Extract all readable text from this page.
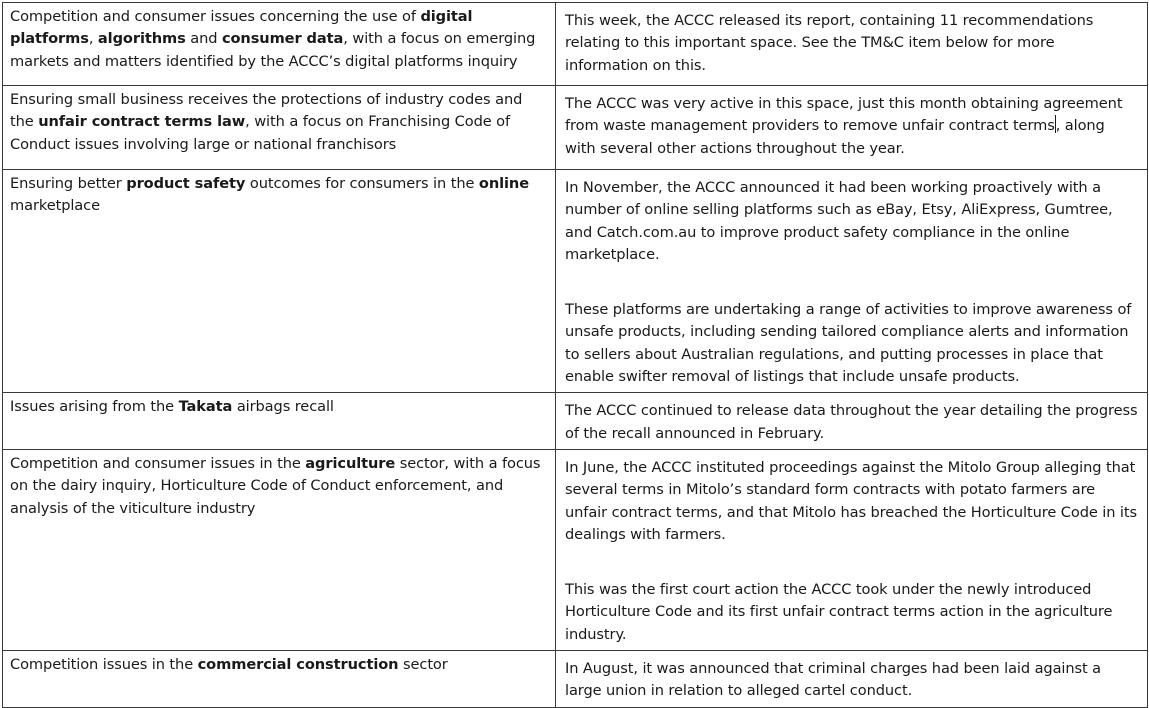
Competition and consumer issues concerning the use of digital platforms, algorithms and consumer data, with a focus on emerging markets and matters identified by the ACCC’s digital platforms inquiry	This week, the ACCC released its report, containing 11 recommendations relating to this important space. See the TM&C item below for more information on this.

Ensuring small business receives the protections of industry codes and the unfair contract terms law, with a focus on Franchising Code of Conduct issues involving large or national franchisors	The ACCC was very active in this space, just this month obtaining agreement from waste management providers to remove unfair contract terms, along with several other actions throughout the year.

Ensuring better product safety outcomes for consumers in the online marketplace	In November, the ACCC announced it had been working proactively with a number of online selling platforms such as eBay, Etsy, AliExpress, Gumtree, and Catch.com.au to improve product safety compliance in the online marketplace.

These platforms are undertaking a range of activities to improve awareness of unsafe products, including sending tailored compliance alerts and information to sellers about Australian regulations, and putting processes in place that enable swifter removal of listings that include unsafe products.

Issues arising from the Takata airbags recall	The ACCC continued to release data throughout the year detailing the progress of the recall announced in February.

Competition and consumer issues in the agriculture sector, with a focus on the dairy inquiry, Horticulture Code of Conduct enforcement, and analysis of the viticulture industry	In June, the ACCC instituted proceedings against the Mitolo Group alleging that several terms in Mitolo’s standard form contracts with potato farmers are unfair contract terms, and that Mitolo has breached the Horticulture Code in its dealings with farmers.

This was the first court action the ACCC took under the newly introduced Horticulture Code and its first unfair contract terms action in the agriculture industry.

Competition issues in the commercial construction sector	In August, it was announced that criminal charges had been laid against a large union in relation to alleged cartel conduct.
